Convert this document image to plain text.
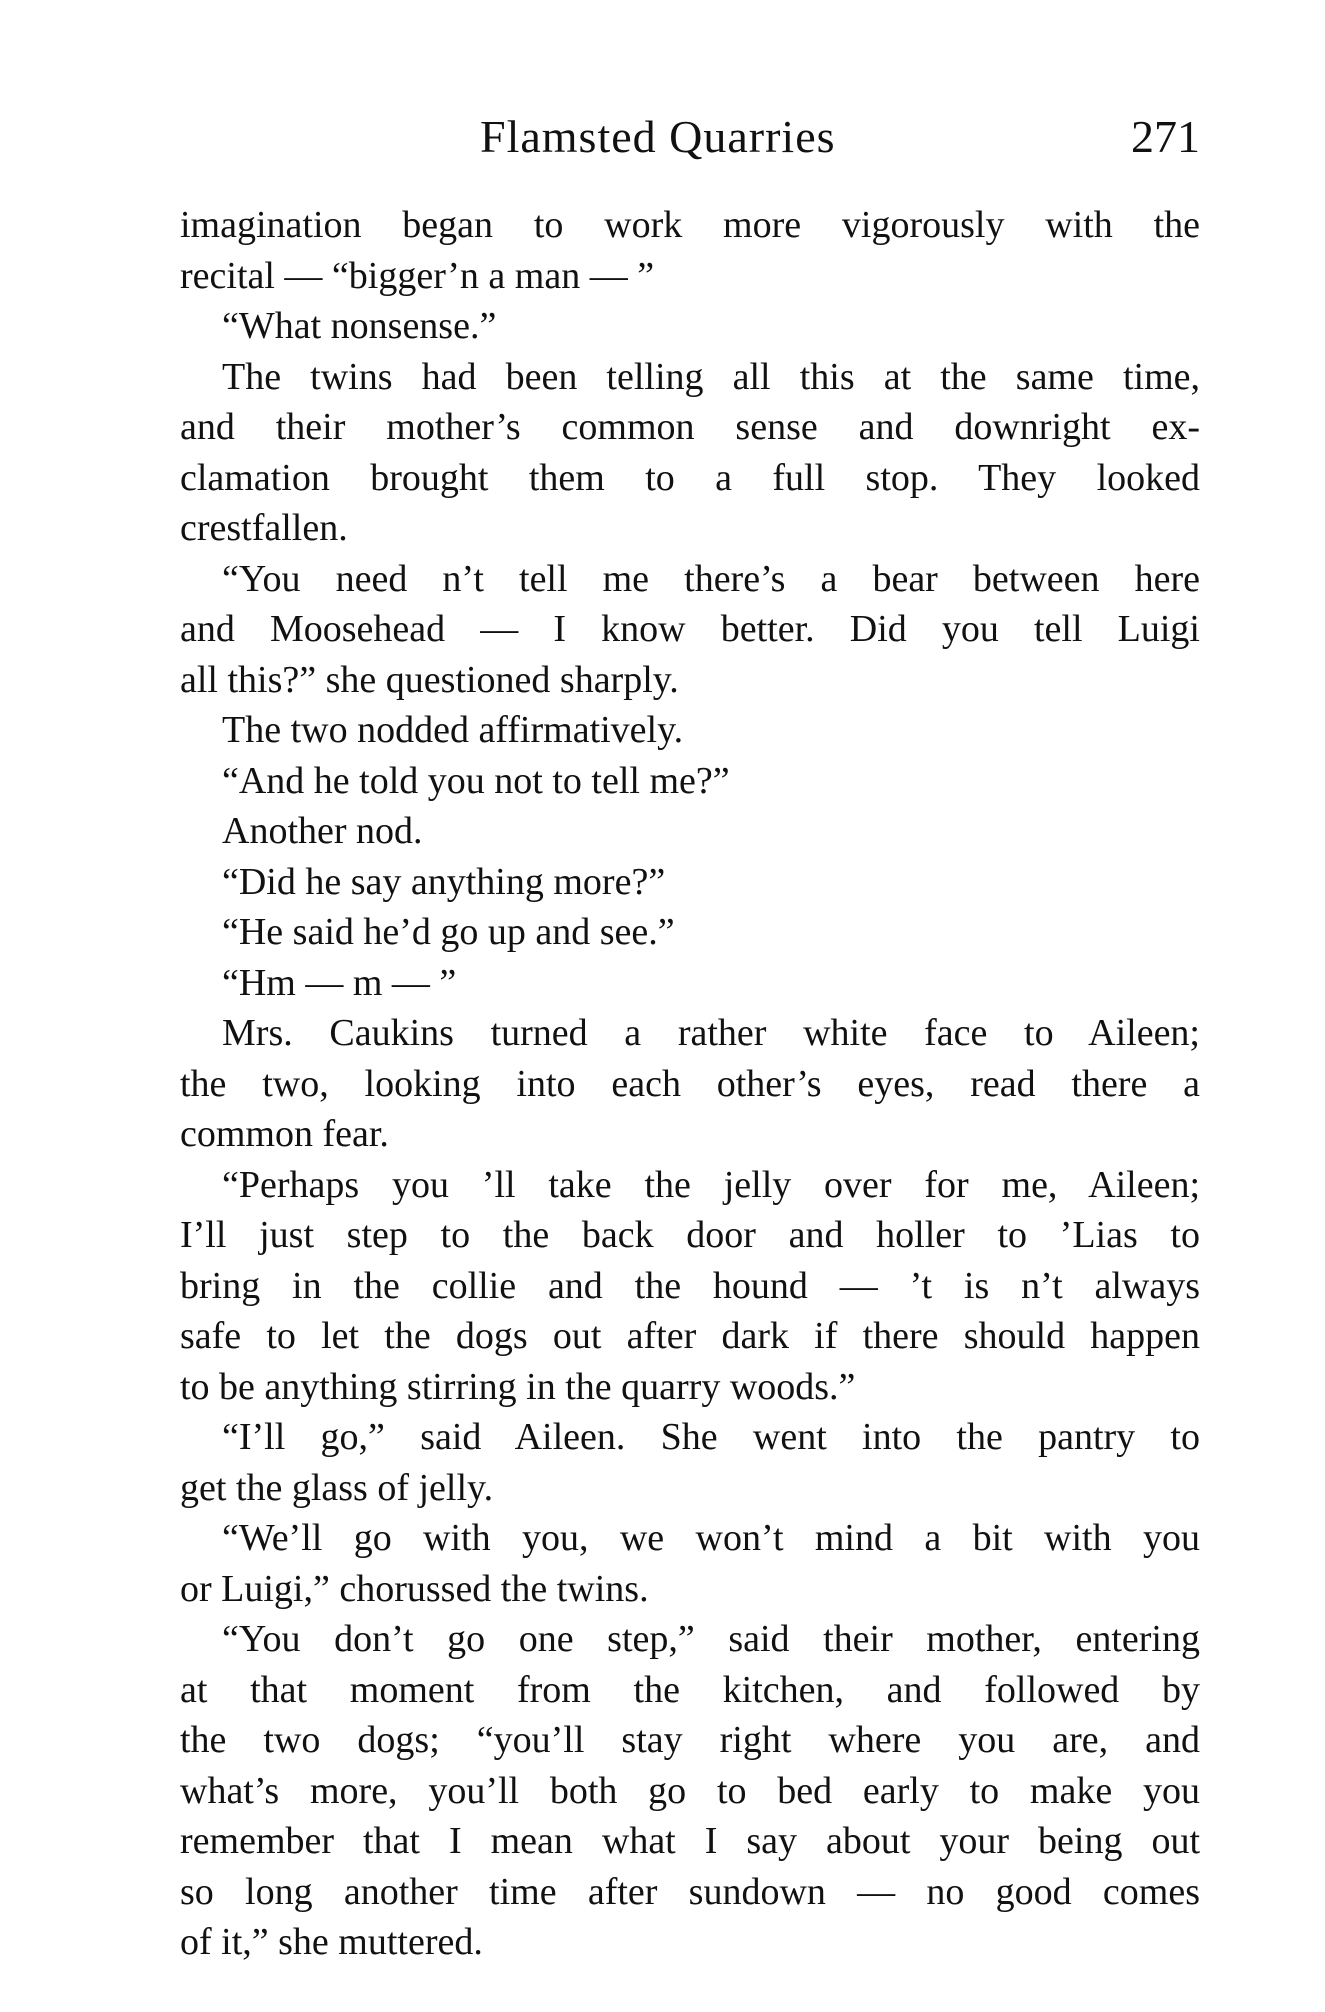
Flamsted Quarries	271
imagination began to work more vigorously with the
recital — “bigger’n a man — ”
“What nonsense.”
The twins had been telling all this at the same time,
and their mother’s common sense and downright ex-
clamation brought them to a full stop. They looked
crestfallen.
“You need n’t tell me there’s a bear between here
and Moosehead — I know better. Did you tell Luigi
all this?” she questioned sharply.
The two nodded affirmatively.
“And he told you not to tell me?”
Another nod.
“Did he say anything more?”
“He said he’d go up and see.”
“Hm — m — ”
Mrs. Caukins turned a rather white face to Aileen;
the two, looking into each other’s eyes, read there a
common fear.
“Perhaps you ’ll take the jelly over for me, Aileen;
I’ll just step to the back door and holler to ’Lias to
bring in the collie and the hound — ’t is n’t always
safe to let the dogs out after dark if there should happen
to be anything stirring in the quarry woods.”
“I’ll go,” said Aileen. She went into the pantry to
get the glass of jelly.
“We’ll go with you, we won’t mind a bit with you
or Luigi,” chorussed the twins.
“You don’t go one step,” said their mother, entering
at that moment from the kitchen, and followed by
the two dogs; “you’ll stay right where you are, and
what’s more, you’ll both go to bed early to make you
remember that I mean what I say about your being out
so long another time after sundown — no good comes
of it,” she muttered.
